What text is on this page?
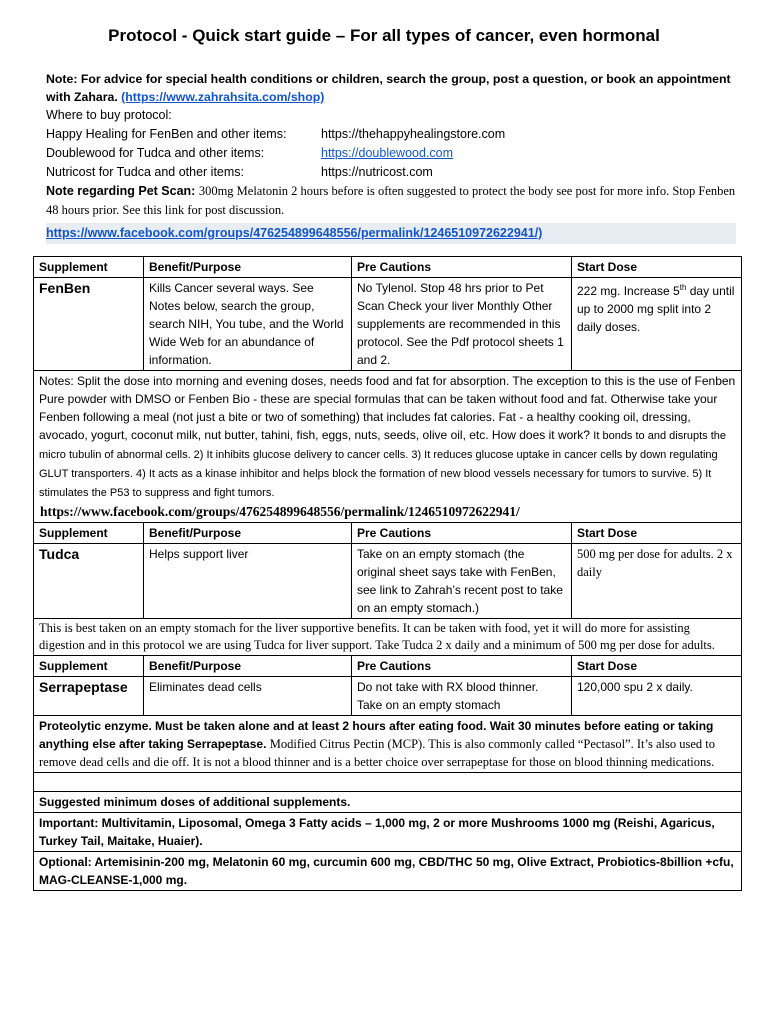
Protocol - Quick start guide – For all types of cancer, even hormonal
Note: For advice for special health conditions or children, search the group, post a question, or book an appointment with Zahara. (https://www.zahrahsita.com/shop)
Where to buy protocol:
Happy Healing for FenBen and other items:	https://thehappyhealingstore.com
Doublewood for Tudca and other items:	https://doublewood.com
Nutricost for Tudca and other items:	https://nutricost.com
Note regarding Pet Scan: 300mg Melatonin 2 hours before is often suggested to protect the body see post for more info. Stop Fenben 48 hours prior. See this link for post discussion.
https://www.facebook.com/groups/476254899648556/permalink/1246510972622941/)
Supplement	Benefit/Purpose	Pre Cautions	Start Dose
FenBen	Kills Cancer several ways. See Notes below, search the group, search NIH, You tube, and the World Wide Web for an abundance of information.	No Tylenol. Stop 48 hrs prior to Pet Scan Check your liver Monthly Other supplements are recommended in this protocol. See the Pdf protocol sheets 1 and 2.	222 mg. Increase 5th day until up to 2000 mg split into 2 daily doses.
Notes: Split the dose into morning and evening doses, needs food and fat for absorption. The exception to this is the use of Fenben Pure powder with DMSO or Fenben Bio - these are special formulas that can be taken without food and fat. Otherwise take your Fenben following a meal (not just a bite or two of something) that includes fat calories. Fat - a healthy cooking oil, dressing, avocado, yogurt, coconut milk, nut butter, tahini, fish, eggs, nuts, seeds, olive oil, etc. How does it work? It bonds to and disrupts the micro tubulin of abnormal cells. 2) It inhibits glucose delivery to cancer cells. 3) It reduces glucose uptake in cancer cells by down regulating GLUT transporters. 4) It acts as a kinase inhibitor and helps block the formation of new blood vessels necessary for tumors to survive. 5) It stimulates the P53 to suppress and fight tumors.			
Supplement	Benefit/Purpose	Pre Cautions	Start Dose
Tudca	Helps support liver	Take on an empty stomach (the original sheet says take with FenBen, see link to Zahrah’s recent post to take on an empty stomach.)	500 mg per dose for adults. 2 x daily
This is best taken on an empty stomach for the liver supportive benefits. It can be taken with food, yet it will do more for assisting digestion and in this protocol we are using Tudca for liver support. Take Tudca 2 x daily and a minimum of 500 mg per dose for adults.			
Supplement	Benefit/Purpose	Pre Cautions	Start Dose
Serrapeptase	Eliminates dead cells	Do not take with RX blood thinner. Take on an empty stomach	120,000 spu 2 x daily.
Proteolytic enzyme. Must be taken alone and at least 2 hours after eating food. Wait 30 minutes before eating or taking anything else after taking Serrapeptase. Modified Citrus Pectin (MCP). This is also commonly called “Pectasol”. It’s also used to remove dead cells and die off. It is not a blood thinner and is a better choice over serrapeptase for those on blood thinning medications.			

Suggested minimum doses of additional supplements.			
Important: Multivitamin, Liposomal, Omega 3 Fatty acids – 1,000 mg, 2 or more Mushrooms 1000 mg (Reishi, Agaricus, Turkey Tail, Maitake, Huaier).			
Optional: Artemisinin-200 mg, Melatonin 60 mg, curcumin 600 mg, CBD/THC 50 mg, Olive Extract, Probiotics-8billion +cfu, MAG-CLEANSE-1,000 mg.			
https://www.facebook.com/groups/476254899648556/permalink/1246510972622941/
